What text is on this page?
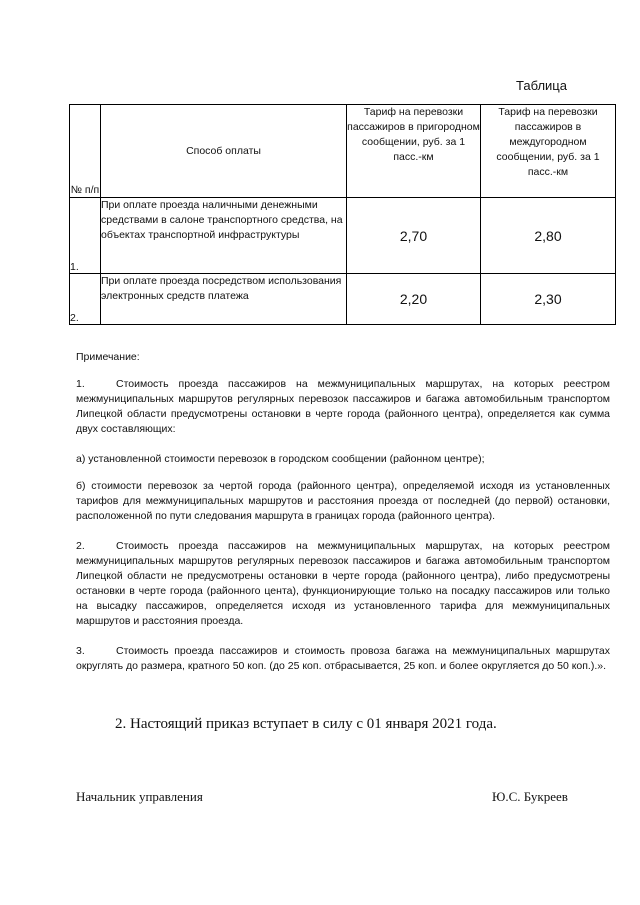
Таблица
№ п/п	Способ оплаты	Тариф на перевозки пассажиров в пригородном сообщении, руб. за 1 пасс.-км	Тариф на перевозки пассажиров в междугородном сообщении, руб. за 1 пасс.-км
1.	При оплате проезда наличными денежными средствами в салоне транспортного средства, на объектах транспортной инфраструктуры	2,70	2,80
2.	При оплате проезда посредством использования электронных средств платежа	2,20	2,30

Примечание:

1.	Стоимость проезда пассажиров на межмуниципальных маршрутах, на которых реестром межмуниципальных маршрутов регулярных перевозок пассажиров и багажа автомобильным транспортом Липецкой области предусмотрены остановки в черте города (районного центра), определяется как сумма двух составляющих:

а) установленной стоимости перевозок в городском сообщении (районном центре);

б) стоимости перевозок за чертой города (районного центра), определяемой исходя из установленных тарифов для межмуниципальных маршрутов и расстояния проезда от последней (до первой) остановки, расположенной по пути следования маршрута в границах города (районного центра).

2.	Стоимость проезда пассажиров на межмуниципальных маршрутах, на которых реестром межмуниципальных маршрутов регулярных перевозок пассажиров и багажа автомобильным транспортом Липецкой области не предусмотрены остановки в черте города (районного центра), либо предусмотрены остановки в черте города (районного цента), функционирующие только на посадку пассажиров или только на высадку пассажиров, определяется исходя из установленного тарифа для межмуниципальных маршрутов и расстояния проезда.

3.	Стоимость проезда пассажиров и стоимость провоза багажа на межмуниципальных маршрутах округлять до размера, кратного 50 коп. (до 25 коп. отбрасывается, 25 коп. и более округляется до 50 коп.).».

2. Настоящий приказ вступает в силу с 01 января 2021 года.
Начальник управления	Ю.С. Букреев
